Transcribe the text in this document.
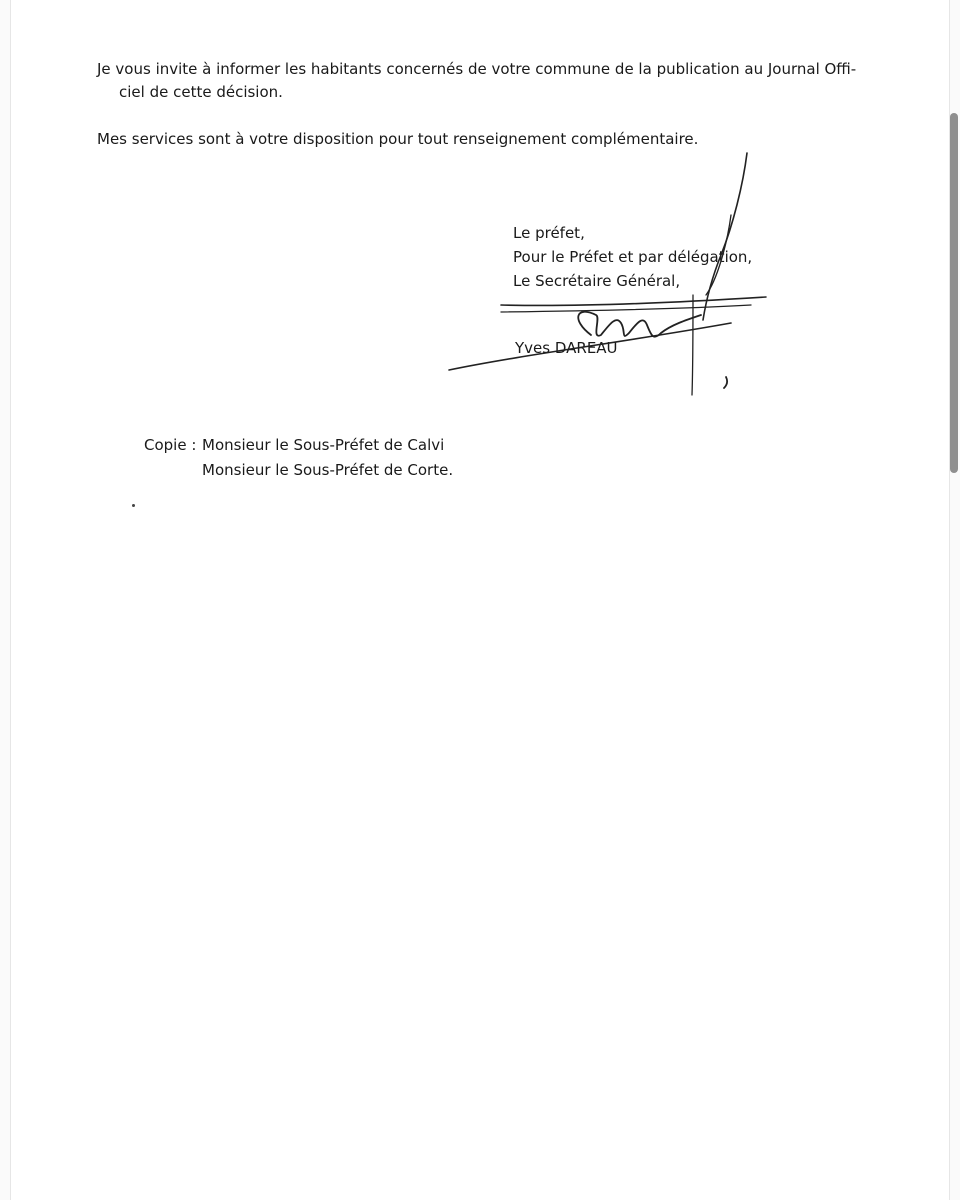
Je vous invite à informer les habitants concernés de votre commune de la publication au Journal Offi-

ciel de cette décision.

Mes services sont à votre disposition pour tout renseignement complémentaire.

Le préfet,
Pour le Préfet et par délégation,
Le Secrétaire Général,
Yves DAREAU
Copie : Monsieur le Sous-Préfet de Calvi
Monsieur le Sous-Préfet de Corte.
